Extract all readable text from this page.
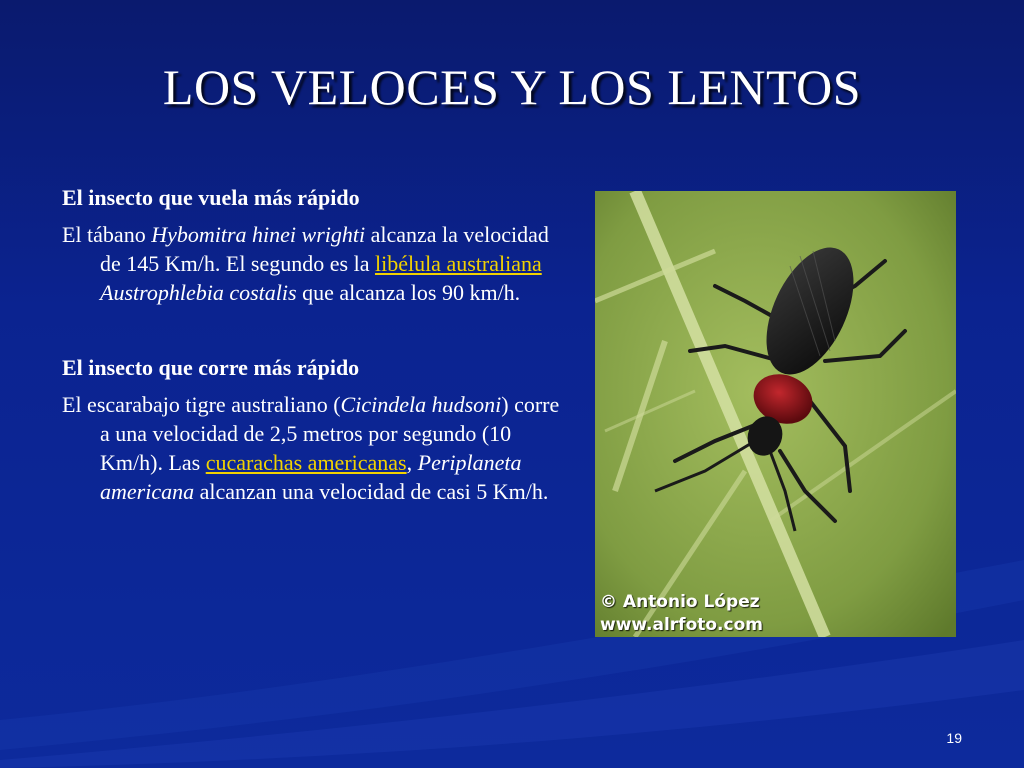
LOS VELOCES Y LOS LENTOS
El insecto que vuela más rápido
El tábano Hybomitra hinei wrighti alcanza la velocidad de 145 Km/h. El segundo es la libélula australiana Austrophlebia costalis que alcanza los 90 km/h.
El insecto que corre más rápido
El escarabajo tigre australiano (Cicindela hudsoni) corre a una velocidad de 2,5 metros por segundo (10 Km/h). Las cucarachas americanas, Periplaneta americana alcanzan una velocidad de casi 5 Km/h.
© Antonio López
www.alrfoto.com
19
